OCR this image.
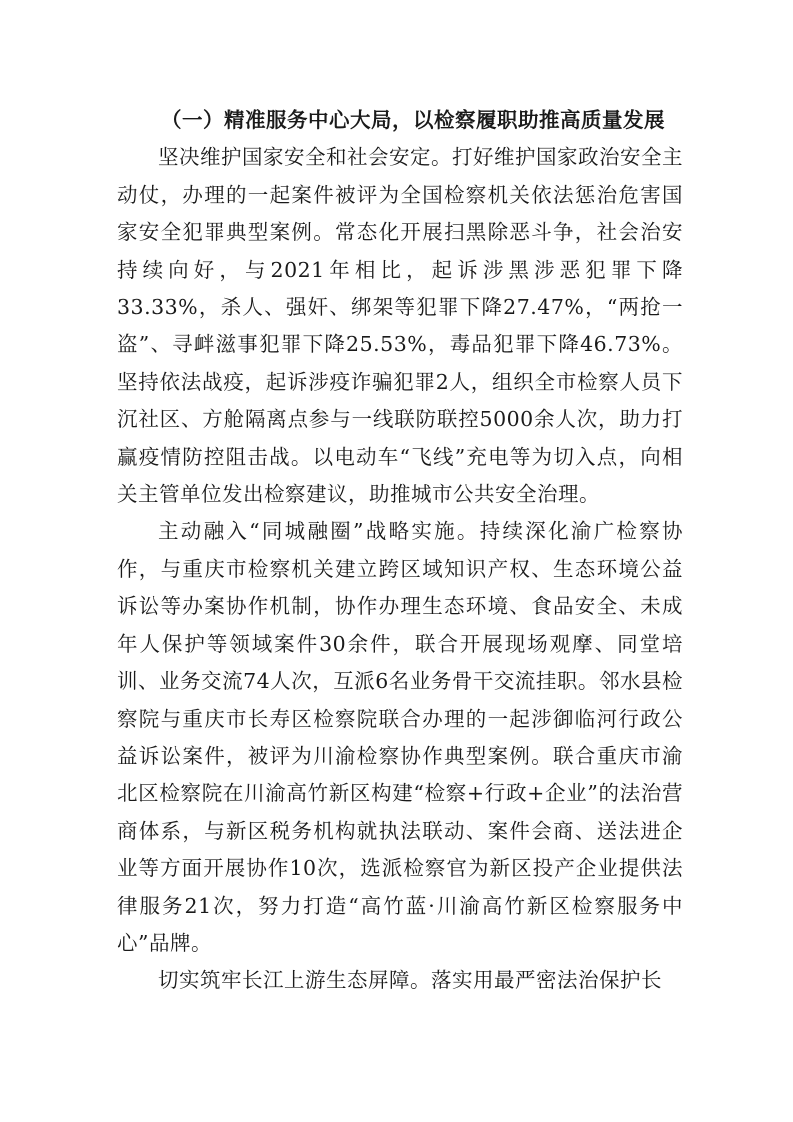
（一）精准服务中心大局，以检察履职助推高质量发展

坚决维护国家安全和社会安定。打好维护国家政治安全主动仗，办理的一起案件被评为全国检察机关依法惩治危害国家安全犯罪典型案例。常态化开展扫黑除恶斗争，社会治安持续向好，与2021年相比，起诉涉黑涉恶犯罪下降33.33%，杀人、强奸、绑架等犯罪下降27.47%，“两抢一盗”、寻衅滋事犯罪下降25.53%，毒品犯罪下降46.73%。坚持依法战疫，起诉涉疫诈骗犯罪2人，组织全市检察人员下沉社区、方舱隔离点参与一线联防联控5000余人次，助力打赢疫情防控阻击战。以电动车“飞线”充电等为切入点，向相关主管单位发出检察建议，助推城市公共安全治理。

主动融入“同城融圈”战略实施。持续深化渝广检察协作，与重庆市检察机关建立跨区域知识产权、生态环境公益诉讼等办案协作机制，协作办理生态环境、食品安全、未成年人保护等领域案件30余件，联合开展现场观摩、同堂培训、业务交流74人次，互派6名业务骨干交流挂职。邻水县检察院与重庆市长寿区检察院联合办理的一起涉御临河行政公益诉讼案件，被评为川渝检察协作典型案例。联合重庆市渝北区检察院在川渝高竹新区构建“检察+行政+企业”的法治营商体系，与新区税务机构就执法联动、案件会商、送法进企业等方面开展协作10次，选派检察官为新区投产企业提供法律服务21次，努力打造“高竹蓝·川渝高竹新区检察服务中心”品牌。

切实筑牢长江上游生态屏障。落实用最严密法治保护长
